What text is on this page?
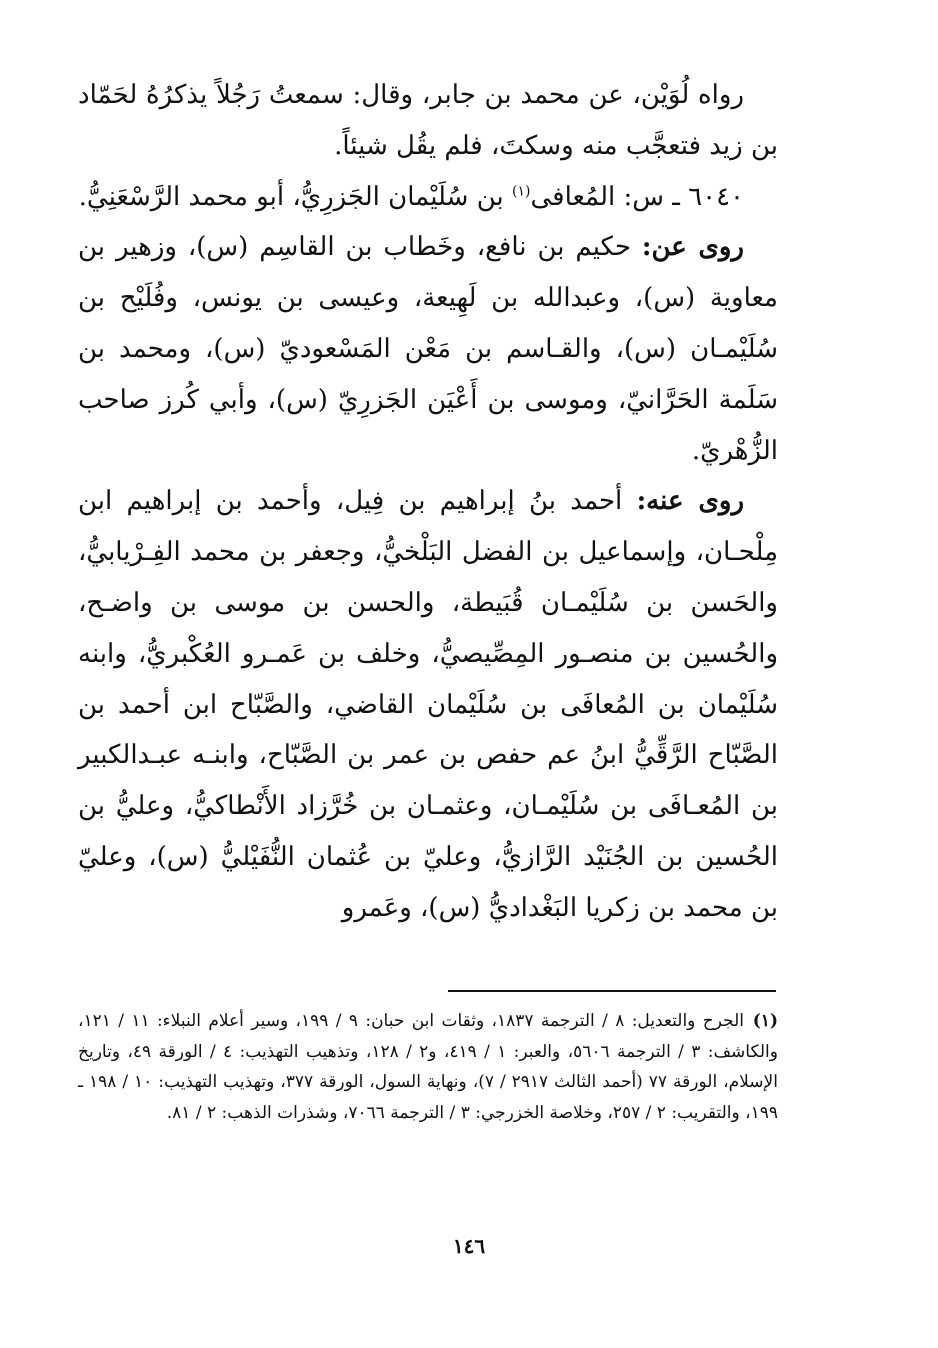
رواه لُوَيْن، عن محمد بن جابر، وقال: سمعتُ رَجُلاً يذكرُهُ لحَمّاد بن زيد فتعجَّب منه وسكتَ، فلم يقُل شيئاً.

٦٠٤٠ ـ س: المُعافى$^{(١)}$ بن سُلَيْمان الجَزرِيُّ، أبو محمد الرَّسْعَنِيُّ.

روى عن: حكيم بن نافع، وخَطاب بن القاسِم (س)، وزهير بن معاوية (س)، وعبدالله بن لَهِيعة، وعيسى بن يونس، وفُلَيْح بن سُلَيْمـان (س)، والقـاسم بن مَعْن المَسْعوديّ (س)، ومحمد بن سَلَمة الحَرَّانيّ، وموسى بن أَعْيَن الجَزرِيّ (س)، وأبي كُرز صاحب الزُّهْريّ.

روى عنه: أحمد بنُ إبراهيم بن فِيل، وأحمد بن إبراهيم ابن مِلْحـان، وإسماعيل بن الفضل البَلْخيُّ، وجعفر بن محمد الفِـرْيابيُّ، والحَسن بن سُلَيْمـان قُبَيطة، والحسن بن موسى بن واضـح، والحُسين بن منصـور المِصِّيصيُّ، وخلف بن عَمـرو العُكْبريُّ، وابنه سُلَيْمان بن المُعافَى بن سُلَيْمان القاضي، والصَّبّاح ابن أحمد بن الصَّبّاح الرَّقِّيُّ ابنُ عم حفص بن عمر بن الصَّبّاح، وابنـه عبـدالكبير بن المُعـافَى بن سُلَيْمـان، وعثمـان بن خُرَّزاد الأَنْطاكيُّ، وعليُّ بن الحُسين بن الجُنَيْد الرَّازيُّ، وعليّ بن عُثمان النُّفَيْليُّ (س)، وعليّ بن محمد بن زكريا البَغْداديُّ (س)، وعَمرو

(١)الجرح والتعديل: ٨ / الترجمة ١٨٣٧، وثقات ابن حبان: ٩ / ١٩٩، وسير أعلام النبلاء: ١١ / ١٢١، والكاشف: ٣ / الترجمة ٥٦٠٦، والعبر: ١ / ٤١٩، و٢ / ١٢٨، وتذهيب التهذيب: ٤ / الورقة ٤٩، وتاريخ الإسلام، الورقة ٧٧ (أحمد الثالث ٢٩١٧ / ٧)، ونهاية السول، الورقة ٣٧٧، وتهذيب التهذيب: ١٠ / ١٩٨ ـ ١٩٩، والتقريب: ٢ / ٢٥٧، وخلاصة الخزرجي: ٣ / الترجمة ٧٠٦٦، وشذرات الذهب: ٢ / ٨١.
١٤٦
